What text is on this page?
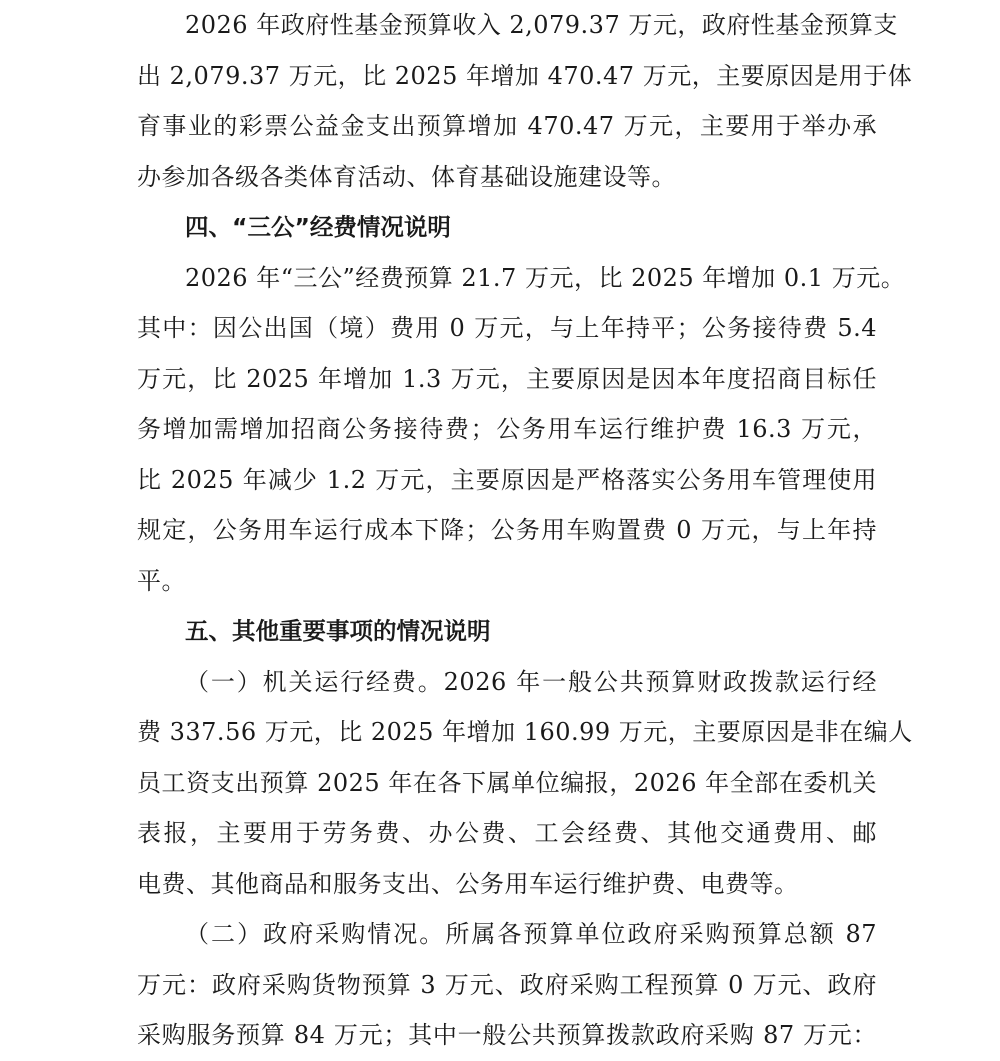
2026 年政府性基金预算收入 2,079.37 万元，政府性基金预算支
出 2,079.37 万元，比 2025 年增加 470.47 万元，主要原因是用于体
育事业的彩票公益金支出预算增加 470.47 万元，主要用于举办承
办参加各级各类体育活动、体育基础设施建设等。
四、“三公”经费情况说明
2026 年“三公”经费预算 21.7 万元，比 2025 年增加 0.1 万元。
其中：因公出国（境）费用 0 万元，与上年持平；公务接待费 5.4
万元，比 2025 年增加 1.3 万元，主要原因是因本年度招商目标任
务增加需增加招商公务接待费；公务用车运行维护费 16.3 万元，
比 2025 年减少 1.2 万元，主要原因是严格落实公务用车管理使用
规定，公务用车运行成本下降；公务用车购置费 0 万元，与上年持
平。
五、其他重要事项的情况说明
（一）机关运行经费。2026 年一般公共预算财政拨款运行经
费 337.56 万元，比 2025 年增加 160.99 万元，主要原因是非在编人
员工资支出预算 2025 年在各下属单位编报，2026 年全部在委机关
表报，主要用于劳务费、办公费、工会经费、其他交通费用、邮
电费、其他商品和服务支出、公务用车运行维护费、电费等。
（二）政府采购情况。所属各预算单位政府采购预算总额 87
万元：政府采购货物预算 3 万元、政府采购工程预算 0 万元、政府
采购服务预算 84 万元；其中一般公共预算拨款政府采购 87 万元：
